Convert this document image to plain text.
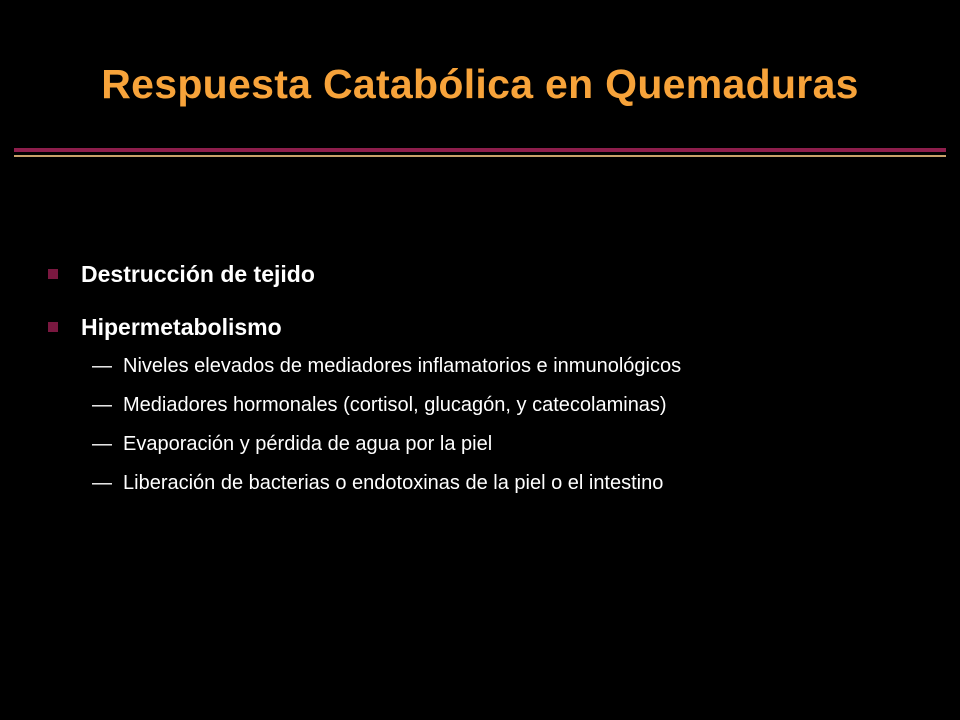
Respuesta Catabólica en Quemaduras
Destrucción de tejido
Hipermetabolismo
— Niveles elevados de mediadores inflamatorios e inmunológicos
— Mediadores hormonales (cortisol, glucagón, y catecolaminas)
— Evaporación y pérdida de agua por la piel
— Liberación de bacterias o endotoxinas de la piel o el intestino
